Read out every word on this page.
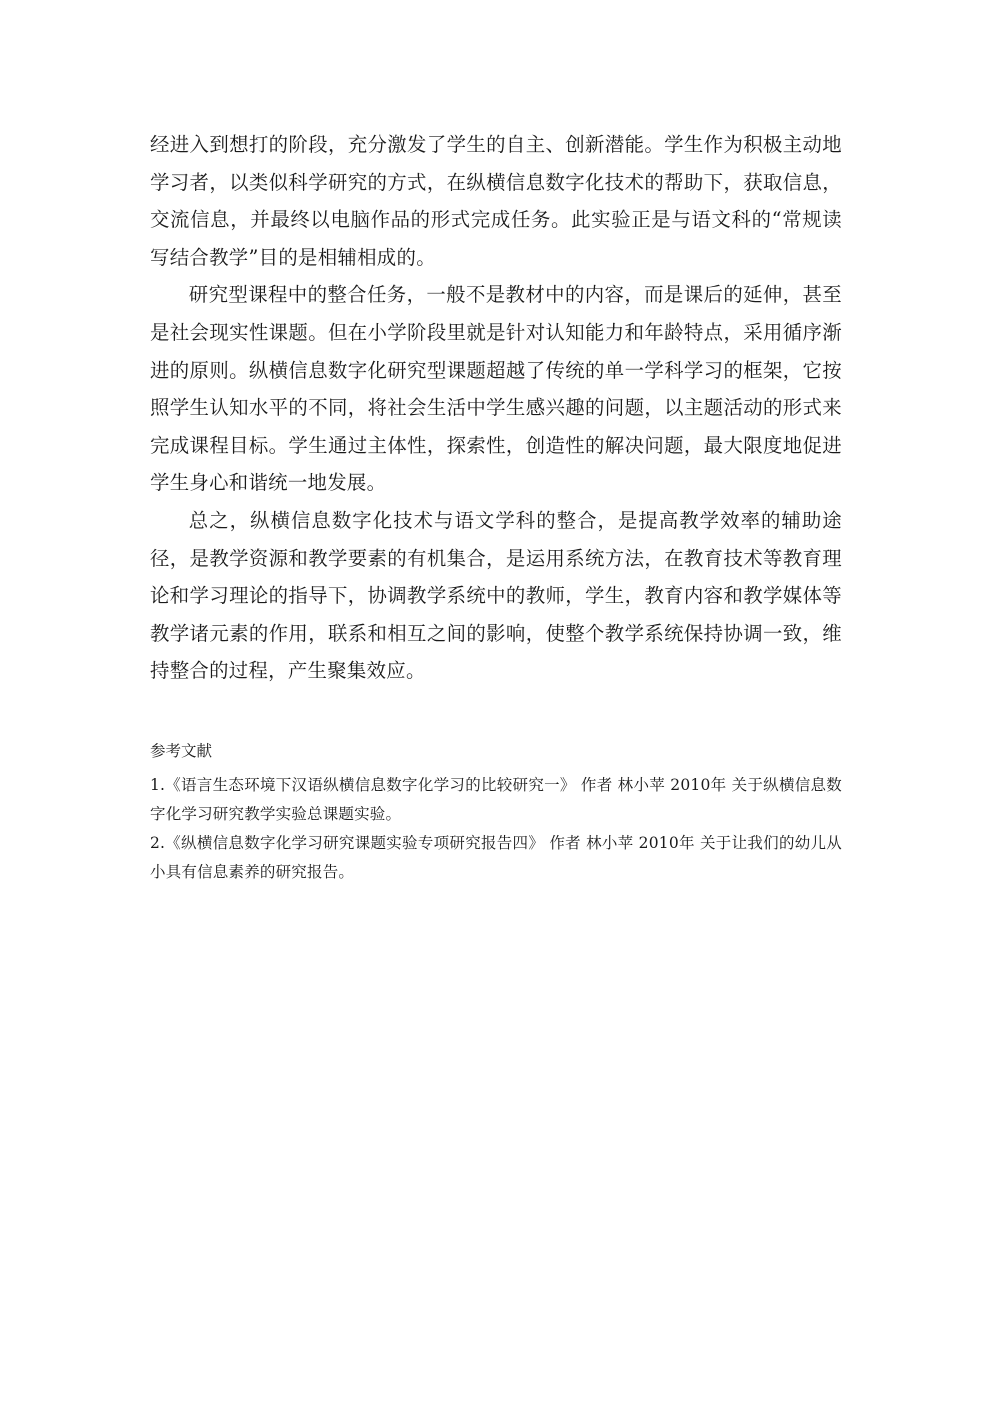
经进入到想打的阶段，充分激发了学生的自主、创新潜能。学生作为积极主动地学习者，以类似科学研究的方式，在纵横信息数字化技术的帮助下，获取信息，交流信息，并最终以电脑作品的形式完成任务。此实验正是与语文科的“常规读写结合教学”目的是相辅相成的。

研究型课程中的整合任务，一般不是教材中的内容，而是课后的延伸，甚至是社会现实性课题。但在小学阶段里就是针对认知能力和年龄特点，采用循序渐进的原则。纵横信息数字化研究型课题超越了传统的单一学科学习的框架，它按照学生认知水平的不同，将社会生活中学生感兴趣的问题，以主题活动的形式来完成课程目标。学生通过主体性，探索性，创造性的解决问题，最大限度地促进学生身心和谐统一地发展。

总之，纵横信息数字化技术与语文学科的整合，是提高教学效率的辅助途径，是教学资源和教学要素的有机集合，是运用系统方法，在教育技术等教育理论和学习理论的指导下，协调教学系统中的教师，学生，教育内容和教学媒体等教学诸元素的作用，联系和相互之间的影响，使整个教学系统保持协调一致，维持整合的过程，产生聚集效应。

参考文献

1.《语言生态环境下汉语纵横信息数字化学习的比较研究一》 作者 林小苹 2010年 关于纵横信息数字化学习研究教学实验总课题实验。

2.《纵横信息数字化学习研究课题实验专项研究报告四》 作者 林小苹 2010年 关于让我们的幼儿从小具有信息素养的研究报告。
